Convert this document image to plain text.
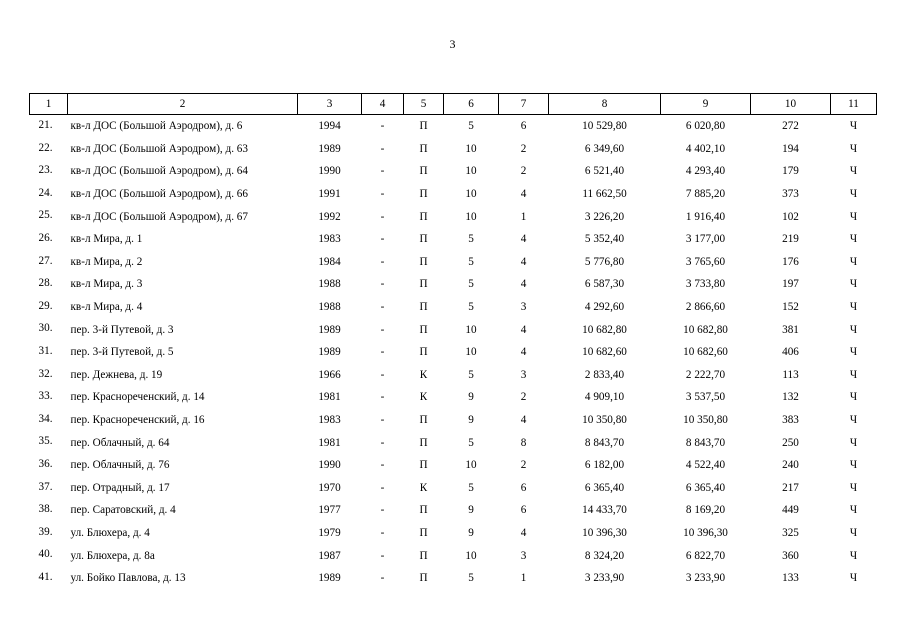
3
1	2	3	4	5	6	7	8	9	10	11
21.	кв-л ДОС (Большой Аэродром), д. 6	1994	-	П	5	6	10 529,80	6 020,80	272	Ч
22.	кв-л ДОС (Большой Аэродром), д. 63	1989	-	П	10	2	6 349,60	4 402,10	194	Ч
23.	кв-л ДОС (Большой Аэродром), д. 64	1990	-	П	10	2	6 521,40	4 293,40	179	Ч
24.	кв-л ДОС (Большой Аэродром), д. 66	1991	-	П	10	4	11 662,50	7 885,20	373	Ч
25.	кв-л ДОС (Большой Аэродром), д. 67	1992	-	П	10	1	3 226,20	1 916,40	102	Ч
26.	кв-л Мира, д. 1	1983	-	П	5	4	5 352,40	3 177,00	219	Ч
27.	кв-л Мира, д. 2	1984	-	П	5	4	5 776,80	3 765,60	176	Ч
28.	кв-л Мира, д. 3	1988	-	П	5	4	6 587,30	3 733,80	197	Ч
29.	кв-л Мира, д. 4	1988	-	П	5	3	4 292,60	2 866,60	152	Ч
30.	пер. 3-й Путевой, д. 3	1989	-	П	10	4	10 682,80	10 682,80	381	Ч
31.	пер. 3-й Путевой, д. 5	1989	-	П	10	4	10 682,60	10 682,60	406	Ч
32.	пер. Дежнева, д. 19	1966	-	К	5	3	2 833,40	2 222,70	113	Ч
33.	пер. Краснореченский, д. 14	1981	-	К	9	2	4 909,10	3 537,50	132	Ч
34.	пер. Краснореченский, д. 16	1983	-	П	9	4	10 350,80	10 350,80	383	Ч
35.	пер. Облачный, д. 64	1981	-	П	5	8	8 843,70	8 843,70	250	Ч
36.	пер. Облачный, д. 76	1990	-	П	10	2	6 182,00	4 522,40	240	Ч
37.	пер. Отрадный, д. 17	1970	-	К	5	6	6 365,40	6 365,40	217	Ч
38.	пер. Саратовский, д. 4	1977	-	П	9	6	14 433,70	8 169,20	449	Ч
39.	ул. Блюхера, д. 4	1979	-	П	9	4	10 396,30	10 396,30	325	Ч
40.	ул. Блюхера, д. 8а	1987	-	П	10	3	8 324,20	6 822,70	360	Ч
41.	ул. Бойко Павлова, д. 13	1989	-	П	5	1	3 233,90	3 233,90	133	Ч
